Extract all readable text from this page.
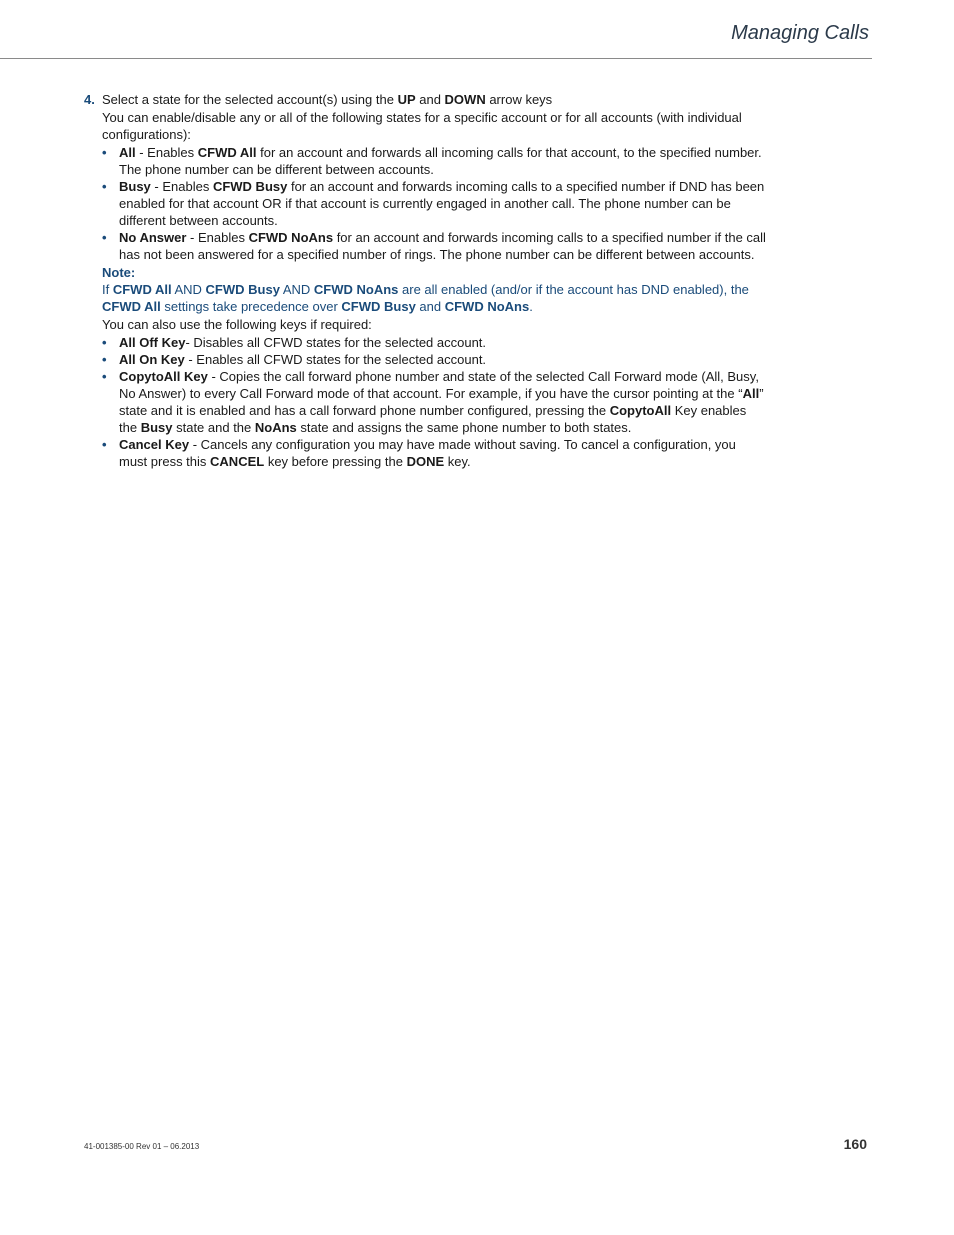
Managing Calls
4. Select a state for the selected account(s) using the UP and DOWN arrow keys
You can enable/disable any or all of the following states for a specific account or for all accounts (with individual configurations):
• All - Enables CFWD All for an account and forwards all incoming calls for that account, to the specified number. The phone number can be different between accounts.
• Busy - Enables CFWD Busy for an account and forwards incoming calls to a specified number if DND has been enabled for that account OR if that account is currently engaged in another call. The phone number can be different between accounts.
• No Answer - Enables CFWD NoAns for an account and forwards incoming calls to a specified number if the call has not been answered for a specified number of rings. The phone number can be different between accounts.
Note:
If CFWD All AND CFWD Busy AND CFWD NoAns are all enabled (and/or if the account has DND enabled), the CFWD All settings take precedence over CFWD Busy and CFWD NoAns.
You can also use the following keys if required:
• All Off Key- Disables all CFWD states for the selected account.
• All On Key - Enables all CFWD states for the selected account.
• CopytoAll Key - Copies the call forward phone number and state of the selected Call Forward mode (All, Busy, No Answer) to every Call Forward mode of that account. For example, if you have the cursor pointing at the “All” state and it is enabled and has a call forward phone number configured, pressing the CopytoAll Key enables the Busy state and the NoAns state and assigns the same phone number to both states.
• Cancel Key - Cancels any configuration you may have made without saving. To cancel a configuration, you must press this CANCEL key before pressing the DONE key.
41-001385-00 Rev 01 – 06.2013	160
